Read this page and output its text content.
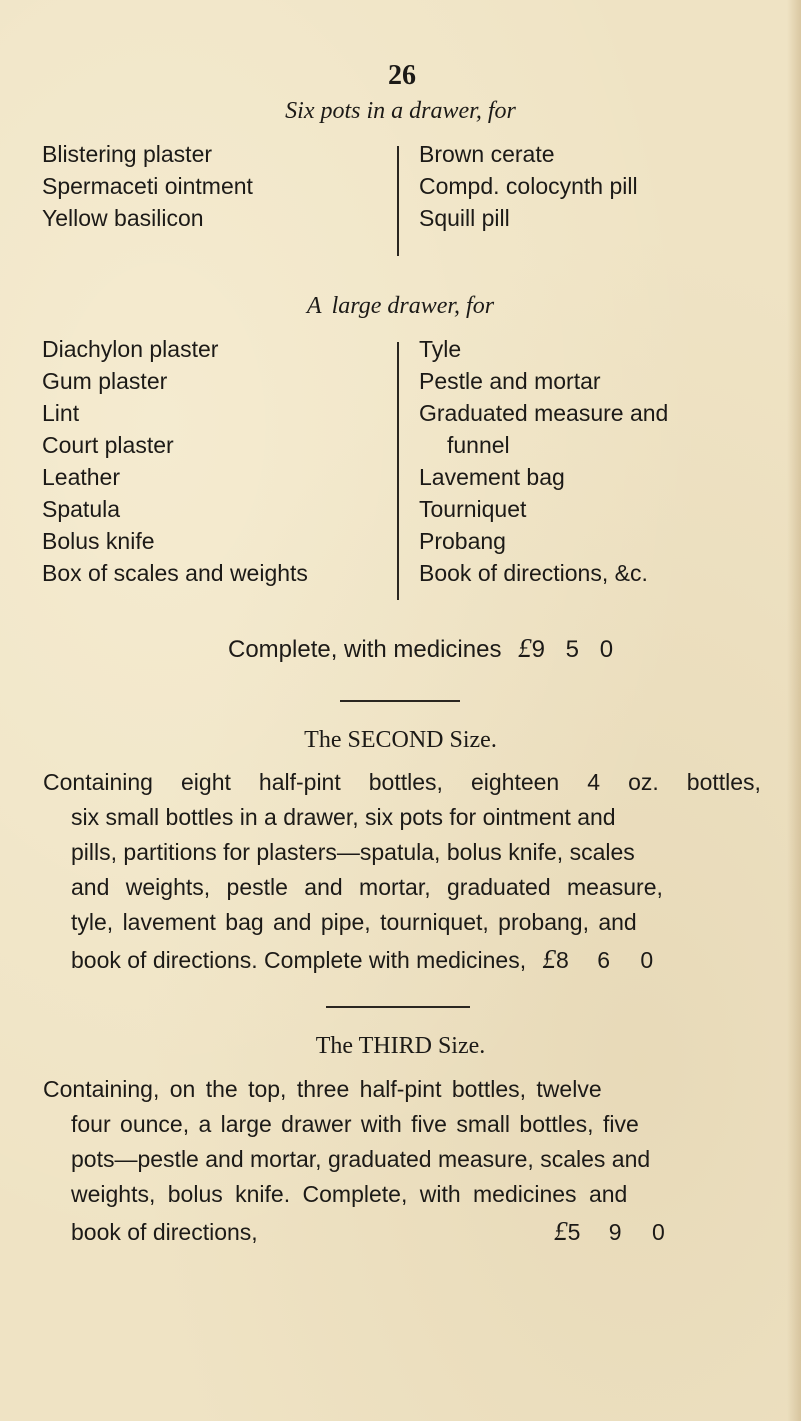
26
Six pots in a drawer, for
Blistering plaster
Spermaceti ointment
Yellow basilicon
Brown cerate
Compd. colocynth pill
Squill pill
A large drawer, for
Diachylon plaster
Gum plaster
Lint
Court plaster
Leather
Spatula
Bolus knife
Box of scales and weights
Tyle
Pestle and mortar
Graduated measure and
funnel
Lavement bag
Tourniquet
Probang
Book of directions, &c.
Complete, with medicines £9 5 0
The SECOND Size.
Containing eight half-pint bottles, eighteen 4 oz. bottles,
six small bottles in a drawer, six pots for ointment and
pills, partitions for plasters—spatula, bolus knife, scales
and weights, pestle and mortar, graduated measure,
tyle, lavement bag and pipe, tourniquet, probang, and
book of directions. Complete with medicines, £8 6 0
The THIRD Size.
Containing, on the top, three half-pint bottles, twelve
four ounce, a large drawer with five small bottles, five
pots—pestle and mortar, graduated measure, scales and
weights, bolus knife. Complete, with medicines and
book of directions,	£5 9 0
